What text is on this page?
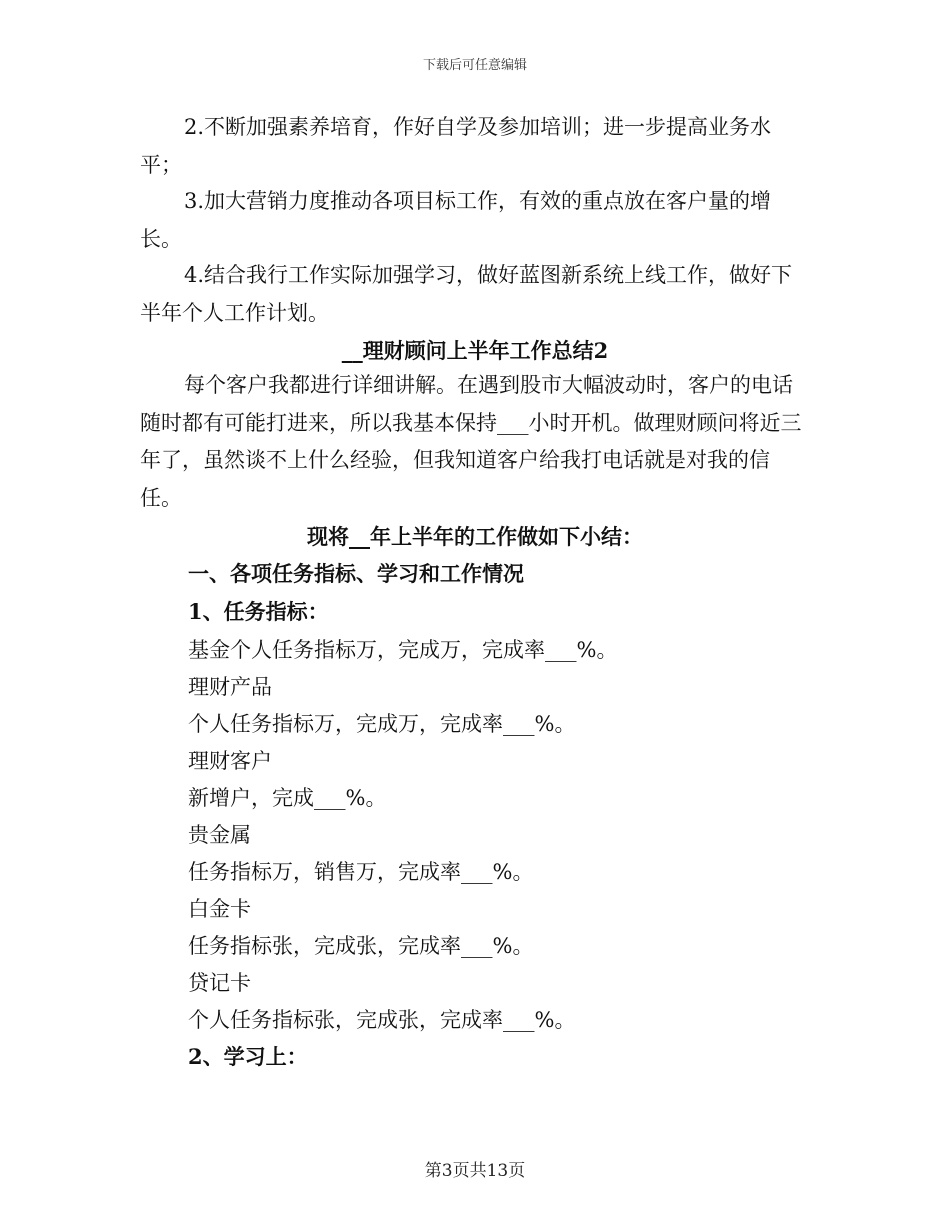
下载后可任意编辑
2.不断加强素养培育，作好自学及参加培训；进一步提高业务水平；
3.加大营销力度推动各项目标工作，有效的重点放在客户量的增长。
4.结合我行工作实际加强学习，做好蓝图新系统上线工作，做好下半年个人工作计划。
__理财顾问上半年工作总结2
每个客户我都进行详细讲解。在遇到股市大幅波动时，客户的电话随时都有可能打进来，所以我基本保持___小时开机。做理财顾问将近三年了，虽然谈不上什么经验，但我知道客户给我打电话就是对我的信任。
现将__年上半年的工作做如下小结：
一、各项任务指标、学习和工作情况
1、任务指标：
基金个人任务指标万，完成万，完成率___%。
理财产品
个人任务指标万，完成万，完成率___%。
理财客户
新增户，完成___%。
贵金属
任务指标万，销售万，完成率___%。
白金卡
任务指标张，完成张，完成率___%。
贷记卡
个人任务指标张，完成张，完成率___%。
2、学习上：
第3页共13页
